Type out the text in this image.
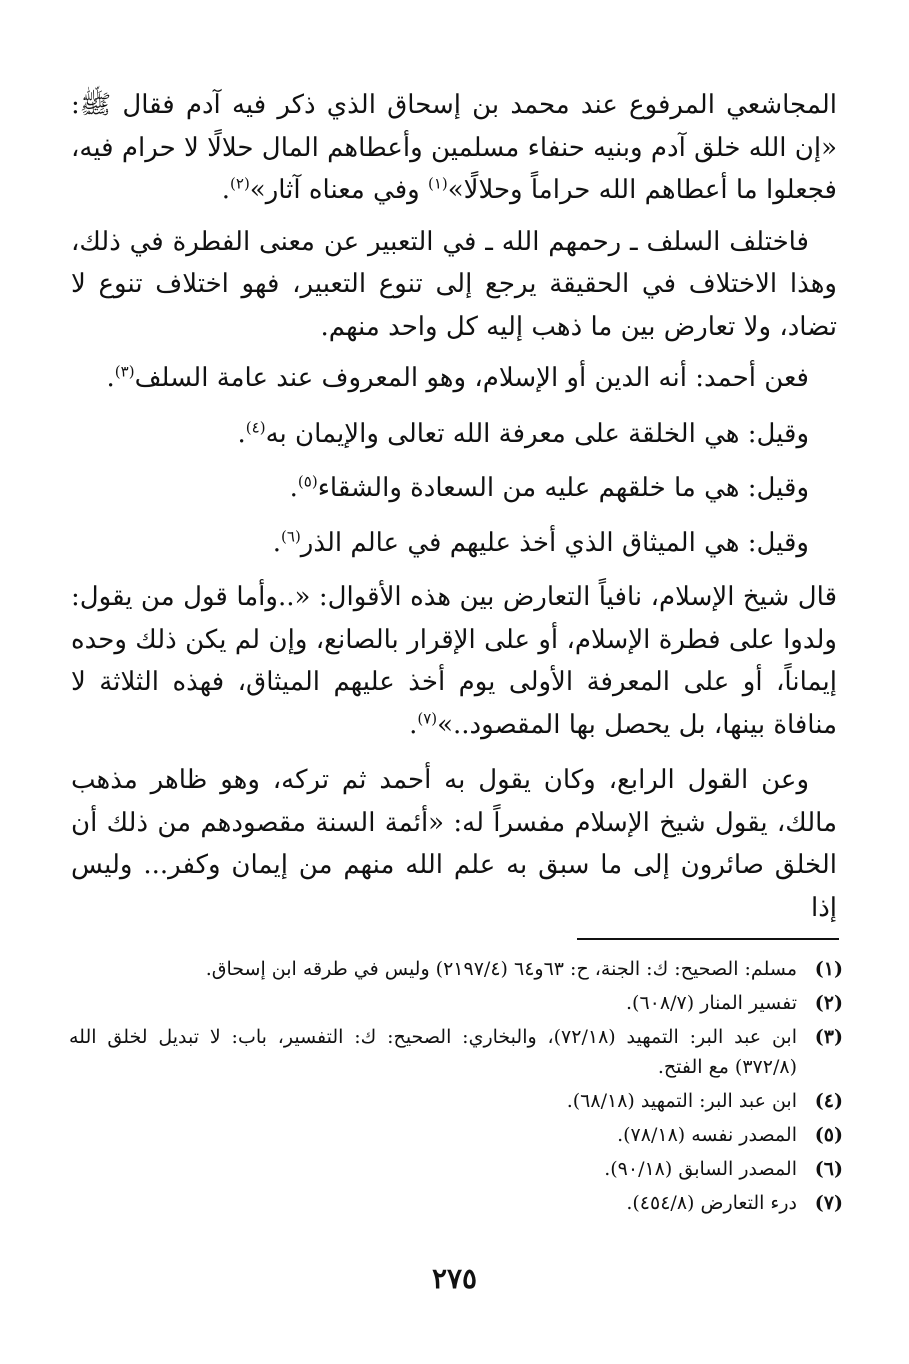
المجاشعي المرفوع عند محمد بن إسحاق الذي ذكر فيه آدم فقال ﷺ: «إن الله خلق آدم وبنيه حنفاء مسلمين وأعطاهم المال حلالًا لا حرام فيه، فجعلوا ما أعطاهم الله حراماً وحلالًا»$^{(١)}$ وفي معناه آثار»$^{(٢)}$.

فاختلف السلف ـ رحمهم الله ـ في التعبير عن معنى الفطرة في ذلك، وهذا الاختلاف في الحقيقة يرجع إلى تنوع التعبير، فهو اختلاف تنوع لا تضاد، ولا تعارض بين ما ذهب إليه كل واحد منهم.

فعن أحمد: أنه الدين أو الإسلام، وهو المعروف عند عامة السلف$^{(٣)}$.

وقيل: هي الخلقة على معرفة الله تعالى والإيمان به$^{(٤)}$.

وقيل: هي ما خلقهم عليه من السعادة والشقاء$^{(٥)}$.

وقيل: هي الميثاق الذي أخذ عليهم في عالم الذر$^{(٦)}$.

قال شيخ الإسلام، نافياً التعارض بين هذه الأقوال: «..وأما قول من يقول: ولدوا على فطرة الإسلام، أو على الإقرار بالصانع، وإن لم يكن ذلك وحده إيماناً، أو على المعرفة الأولى يوم أخذ عليهم الميثاق، فهذه الثلاثة لا منافاة بينها، بل يحصل بها المقصود..»$^{(٧)}$.

وعن القول الرابع، وكان يقول به أحمد ثم تركه، وهو ظاهر مذهب مالك، يقول شيخ الإسلام مفسراً له: «أئمة السنة مقصودهم من ذلك أن الخلق صائرون إلى ما سبق به علم الله منهم من إيمان وكفر... وليس إذا

(١)
مسلم: الصحيح: ك: الجنة، ح: ٦٣و٦٤ (٢١٩٧/٤) وليس في طرقه ابن إسحاق.
(٢)
تفسير المنار (٦٠٨/٧).
(٣)
ابن عبد البر: التمهيد (٧٢/١٨)، والبخاري: الصحيح: ك: التفسير، باب: لا تبديل لخلق الله (٣٧٢/٨) مع الفتح.
(٤)
ابن عبد البر: التمهيد (٦٨/١٨).
(٥)
المصدر نفسه (٧٨/١٨).
(٦)
المصدر السابق (٩٠/١٨).
(٧)
درء التعارض (٤٥٤/٨).
٢٧٥
